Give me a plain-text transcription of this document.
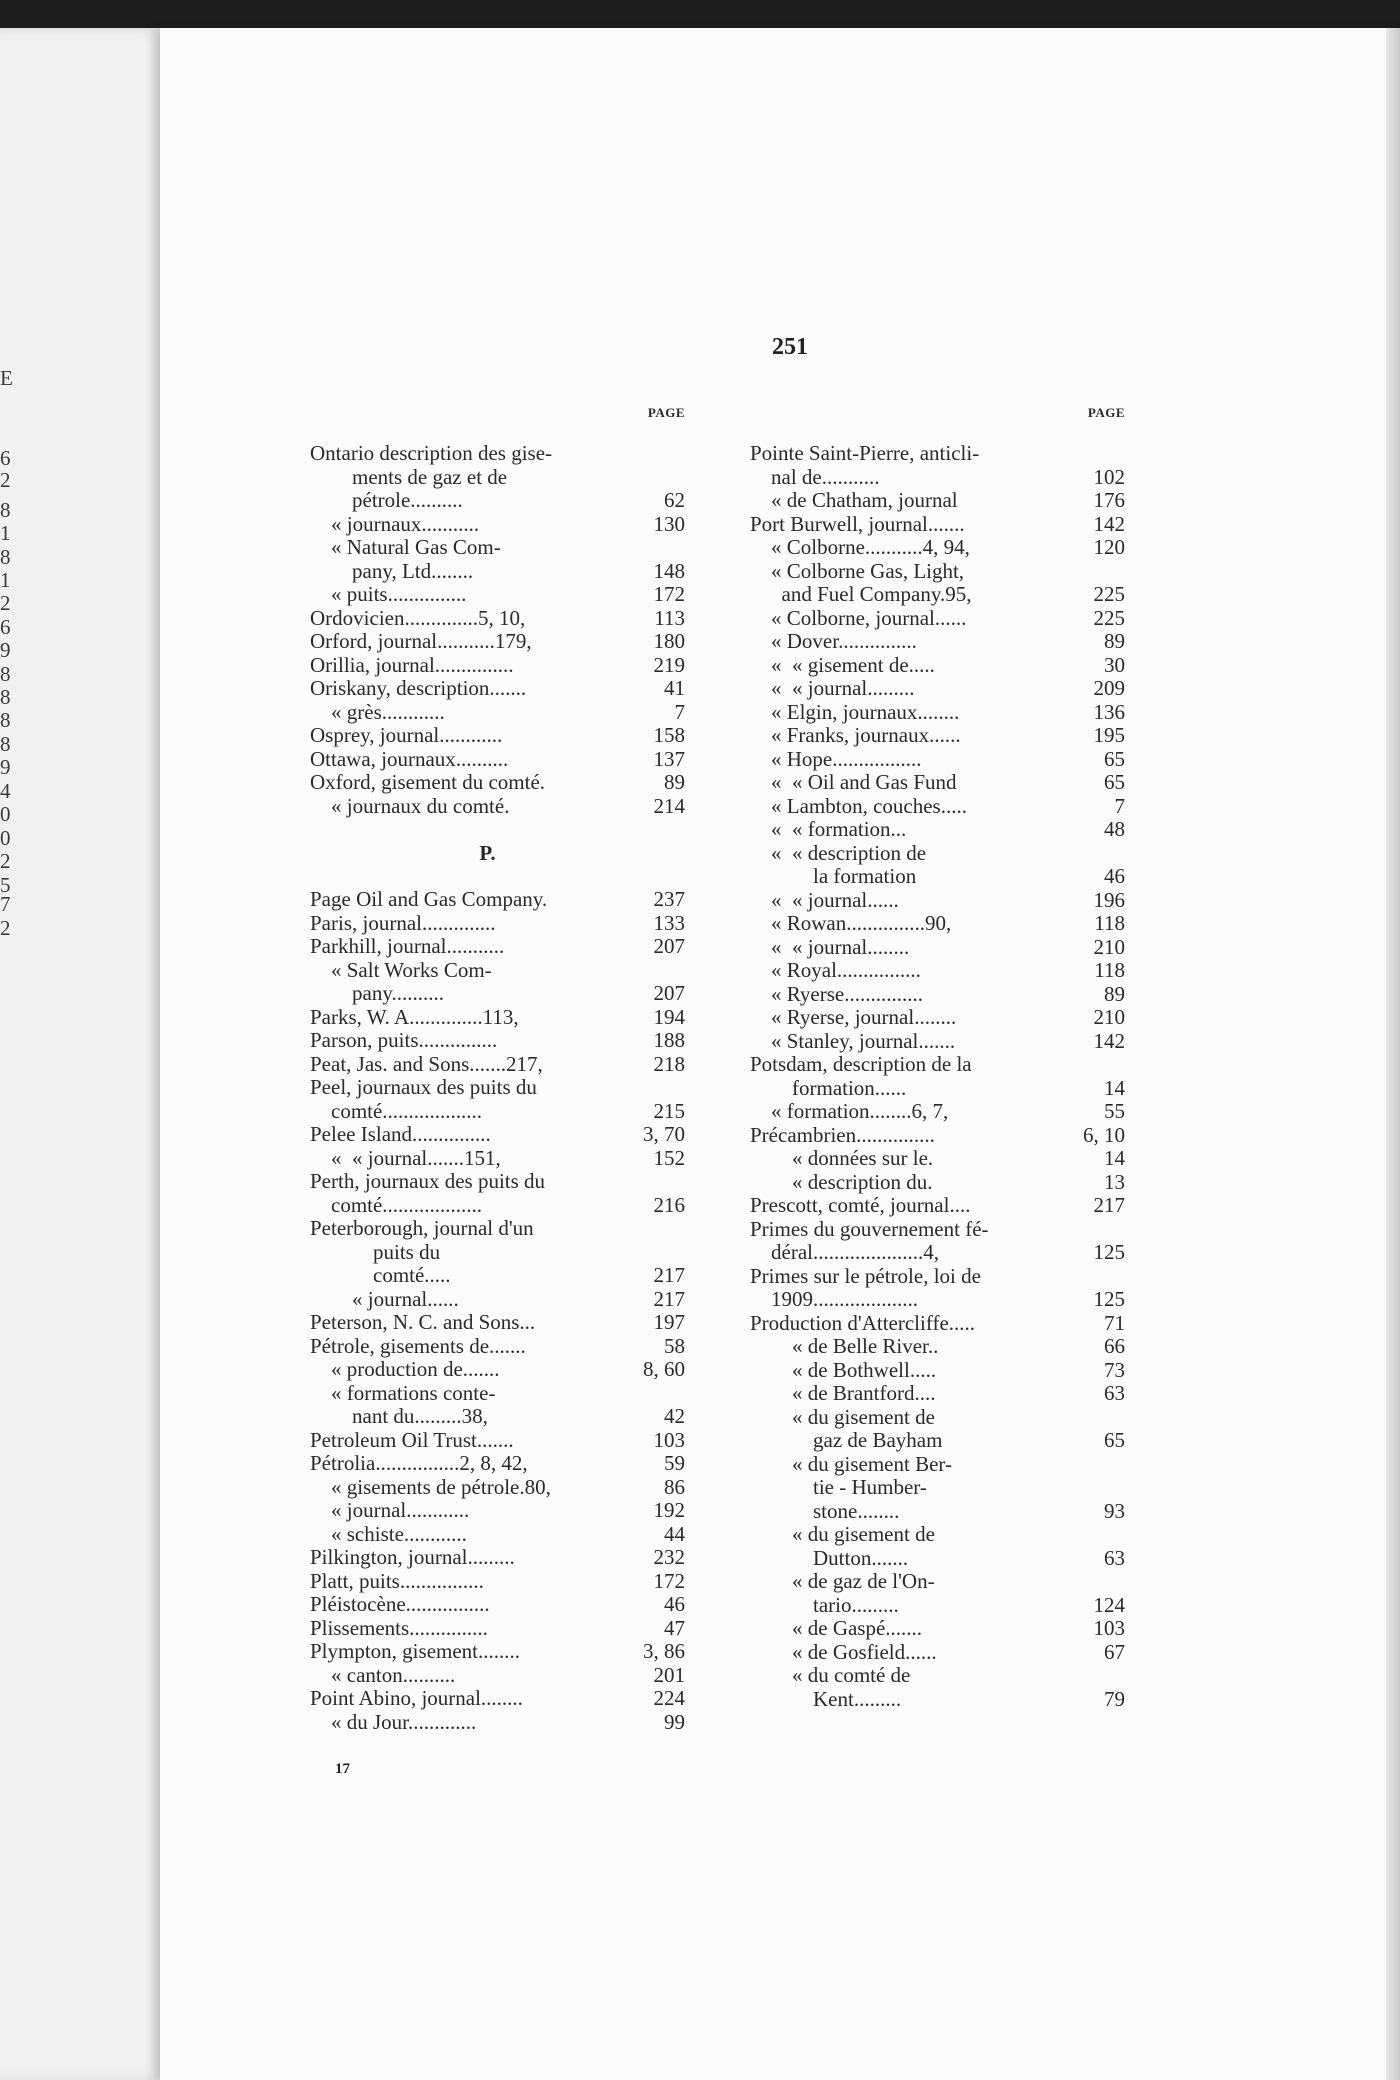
E
6
2
8
1
8
1
2
6
9
8
8
8
8
9
4
0
0
2
5
7
2
251
PAGE
Ontario description des gise-
ments de gaz et de
pétrole..........	62
« journaux...........	130
« Natural Gas Com-
pany, Ltd........	148
« puits...............	172
Ordovicien..............5, 10,	113
Orford, journal...........179,	180
Orillia, journal...............	219
Oriskany, description.......	41
« grès............	7
Osprey, journal............	158
Ottawa, journaux..........	137
Oxford, gisement du comté.	89
« journaux du comté.	214
P.
Page Oil and Gas Company.	237
Paris, journal..............	133
Parkhill, journal...........	207
« Salt Works Com-
pany..........	207
Parks, W. A..............113,	194
Parson, puits...............	188
Peat, Jas. and Sons.......217,	218
Peel, journaux des puits du
comté...................	215
Pelee Island...............	3, 70
«  « journal.......151,	152
Perth, journaux des puits du
comté...................	216
Peterborough, journal d'un
puits du
comté.....	217
« journal......	217
Peterson, N. C. and Sons...	197
Pétrole, gisements de.......	58
« production de.......	8, 60
« formations conte-
nant du.........38,	42
Petroleum Oil Trust.......	103
Pétrolia................2, 8, 42,	59
« gisements de pétrole.80,	86
« journal............	192
« schiste............	44
Pilkington, journal.........	232
Platt, puits................	172
Pléistocène................	46
Plissements...............	47
Plympton, gisement........	3, 86
« canton..........	201
Point Abino, journal........	224
« du Jour.............	99
PAGE
Pointe Saint-Pierre, anticli-
nal de...........	102
« de Chatham, journal	176
Port Burwell, journal.......	142
« Colborne...........4, 94,	120
« Colborne Gas, Light,
and Fuel Company.95,	225
« Colborne, journal......	225
« Dover...............	89
«  « gisement de.....	30
«  « journal.........	209
« Elgin, journaux........	136
« Franks, journaux......	195
« Hope.................	65
«  « Oil and Gas Fund	65
« Lambton, couches.....	7
«  « formation...	48
«  « description de
la formation	46
«  « journal......	196
« Rowan...............90,	118
«  « journal........	210
« Royal................	118
« Ryerse...............	89
« Ryerse, journal........	210
« Stanley, journal.......	142
Potsdam, description de la
formation......	14
« formation........6, 7,	55
Précambrien...............	6, 10
« données sur le.	14
« description du.	13
Prescott, comté, journal....	217
Primes du gouvernement fé-
déral.....................4,	125
Primes sur le pétrole, loi de
1909....................	125
Production d'Attercliffe.....	71
« de Belle River..	66
« de Bothwell.....	73
« de Brantford....	63
« du gisement de
gaz de Bayham	65
« du gisement Ber-
tie - Humber-
stone........	93
« du gisement de
Dutton.......	63
« de gaz de l'On-
tario.........	124
« de Gaspé.......	103
« de Gosfield......	67
« du comté de
Kent.........	79
17
